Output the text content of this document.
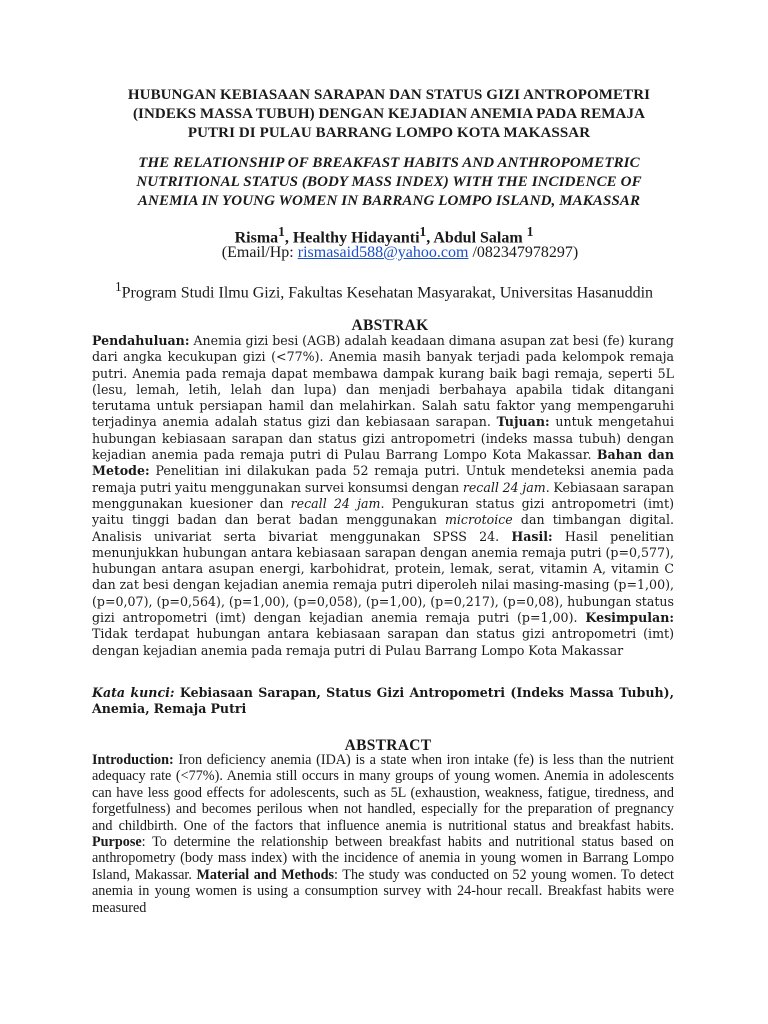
HUBUNGAN KEBIASAAN SARAPAN DAN STATUS GIZI ANTROPOMETRI
(INDEKS MASSA TUBUH) DENGAN KEJADIAN ANEMIA PADA REMAJA
PUTRI DI PULAU BARRANG LOMPO KOTA MAKASSAR
THE RELATIONSHIP OF BREAKFAST HABITS AND ANTHROPOMETRIC
NUTRITIONAL STATUS (BODY MASS INDEX) WITH THE INCIDENCE OF
ANEMIA IN YOUNG WOMEN IN BARRANG LOMPO ISLAND, MAKASSAR
Risma$^1$, Healthy Hidayanti$^1$, Abdul Salam $^1$
(Email/Hp: rismasaid588@yahoo.com /082347978297)
$^1$Program Studi Ilmu Gizi, Fakultas Kesehatan Masyarakat, Universitas Hasanuddin
ABSTRAK
Pendahuluan: Anemia gizi besi (AGB) adalah keadaan dimana asupan zat besi (fe) kurang dari angka kecukupan gizi (<77%). Anemia masih banyak terjadi pada kelompok remaja putri. Anemia pada remaja dapat membawa dampak kurang baik bagi remaja, seperti 5L (lesu, lemah, letih, lelah dan lupa) dan menjadi berbahaya apabila tidak ditangani terutama untuk persiapan hamil dan melahirkan. Salah satu faktor yang mempengaruhi terjadinya anemia adalah status gizi dan kebiasaan sarapan. Tujuan: untuk mengetahui hubungan kebiasaan sarapan dan status gizi antropometri (indeks massa tubuh) dengan kejadian anemia pada remaja putri di Pulau Barrang Lompo Kota Makassar. Bahan dan Metode: Penelitian ini dilakukan pada 52 remaja putri. Untuk mendeteksi anemia pada remaja putri yaitu menggunakan survei konsumsi dengan recall 24 jam. Kebiasaan sarapan menggunakan kuesioner dan recall 24 jam. Pengukuran status gizi antropometri (imt) yaitu tinggi badan dan berat badan menggunakan microtoice dan timbangan digital. Analisis univariat serta bivariat menggunakan SPSS 24. Hasil: Hasil penelitian menunjukkan hubungan antara kebiasaan sarapan dengan anemia remaja putri (p=0,577), hubungan antara asupan energi, karbohidrat, protein, lemak, serat, vitamin A, vitamin C dan zat besi dengan kejadian anemia remaja putri diperoleh nilai masing-masing (p=1,00), (p=0,07), (p=0,564), (p=1,00), (p=0,058), (p=1,00), (p=0,217), (p=0,08), hubungan status gizi antropometri (imt) dengan kejadian anemia remaja putri (p=1,00). Kesimpulan: Tidak terdapat hubungan antara kebiasaan sarapan dan status gizi antropometri (imt) dengan kejadian anemia pada remaja putri di Pulau Barrang Lompo Kota Makassar
Kata kunci: Kebiasaan Sarapan, Status Gizi Antropometri (Indeks Massa Tubuh), Anemia, Remaja Putri
ABSTRACT
Introduction: Iron deficiency anemia (IDA) is a state when iron intake (fe) is less than the nutrient adequacy rate (<77%). Anemia still occurs in many groups of young women. Anemia in adolescents can have less good effects for adolescents, such as 5L (exhaustion, weakness, fatigue, tiredness, and forgetfulness) and becomes perilous when not handled, especially for the preparation of pregnancy and childbirth. One of the factors that influence anemia is nutritional status and breakfast habits. Purpose: To determine the relationship between breakfast habits and nutritional status based on anthropometry (body mass index) with the incidence of anemia in young women in Barrang Lompo Island, Makassar. Material and Methods: The study was conducted on 52 young women. To detect anemia in young women is using a consumption survey with 24-hour recall. Breakfast habits were measured
